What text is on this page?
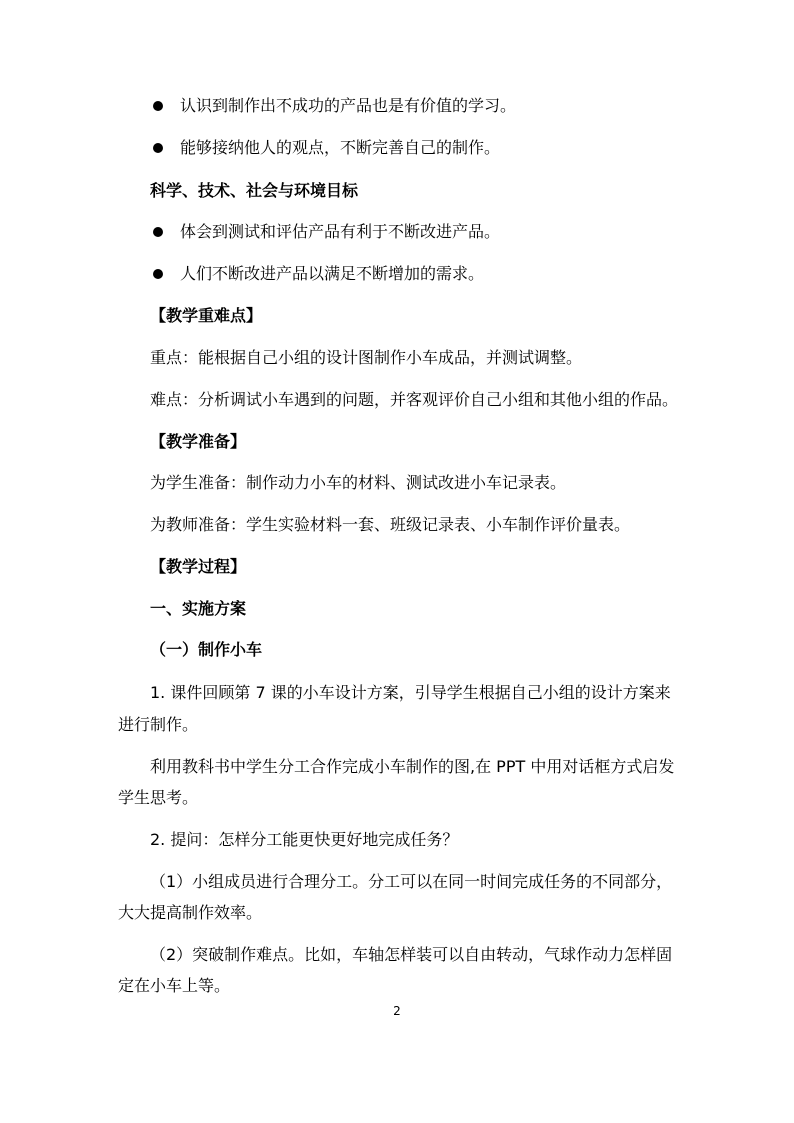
认识到制作出不成功的产品也是有价值的学习。
能够接纳他人的观点，不断完善自己的制作。
科学、技术、社会与环境目标
体会到测试和评估产品有利于不断改进产品。
人们不断改进产品以满足不断增加的需求。
【教学重难点】
重点：能根据自己小组的设计图制作小车成品，并测试调整。
难点：分析调试小车遇到的问题，并客观评价自己小组和其他小组的作品。
【教学准备】
为学生准备：制作动力小车的材料、测试改进小车记录表。
为教师准备：学生实验材料一套、班级记录表、小车制作评价量表。
【教学过程】
一、实施方案
（一）制作小车
1. 课件回顾第 7 课的小车设计方案，引导学生根据自己小组的设计方案来
进行制作。
利用教科书中学生分工合作完成小车制作的图,在 PPT 中用对话框方式启发
学生思考。
2. 提问：怎样分工能更快更好地完成任务？
（1）小组成员进行合理分工。分工可以在同一时间完成任务的不同部分，
大大提高制作效率。
（2）突破制作难点。比如，车轴怎样装可以自由转动，气球作动力怎样固
定在小车上等。
2
